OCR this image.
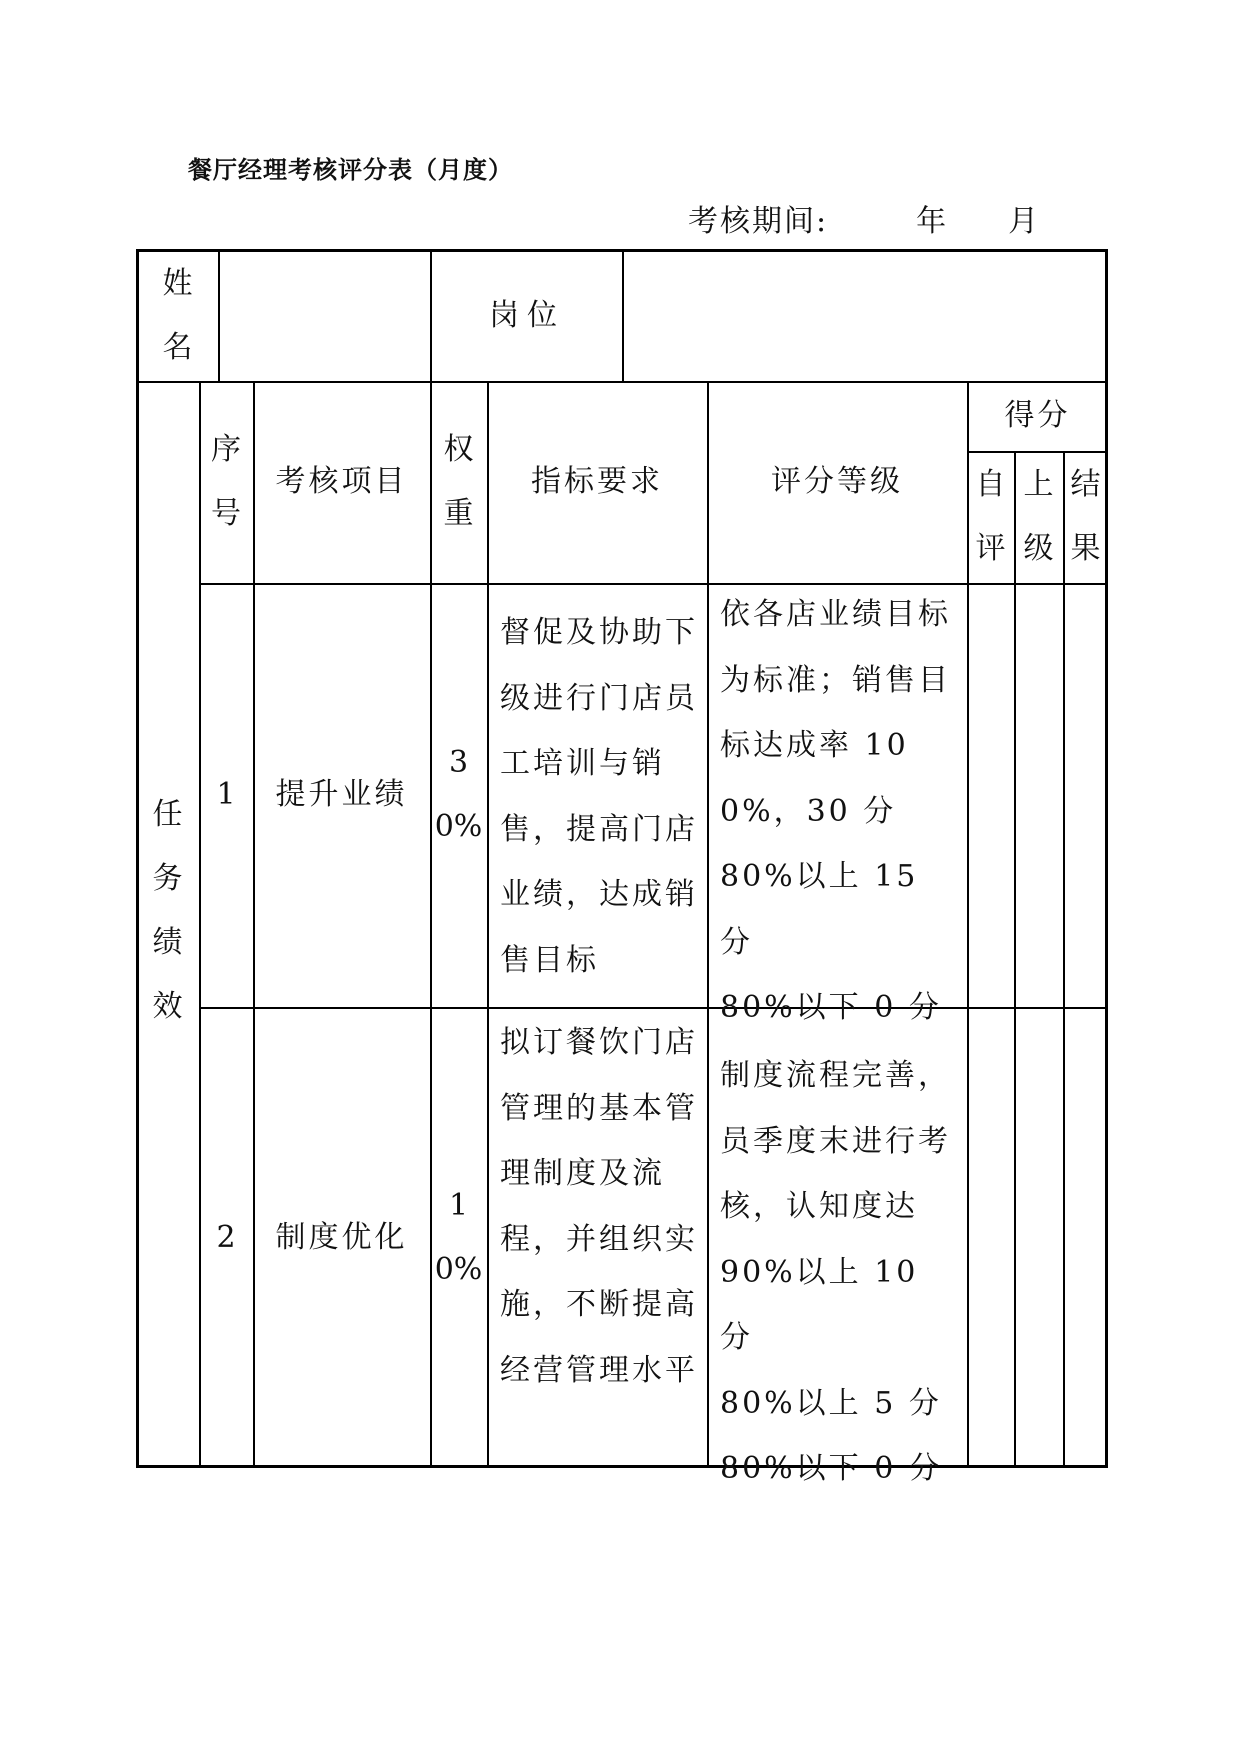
餐厅经理考核评分表（月度）
考核期间:	年 月
姓名
岗位
任务绩效
序号
考核项目
权重
指标要求	评分等级
得分
自评
上级
结果
1 提升业绩
30%
督促及协助下级进行门店员工培训与销售，提高门店业绩，达成销售目标
依各店业绩目标为标准；销售目标达成率 100%，30 分
80%以上 15 分
80%以下 0 分
2 制度优化
10%
拟订餐饮门店管理的基本管理制度及流程，并组织实施，不断提高经营管理水平
制度流程完善，员季度末进行考核，认知度达
90%以上 10 分
80%以上 5 分
80%以下 0 分
